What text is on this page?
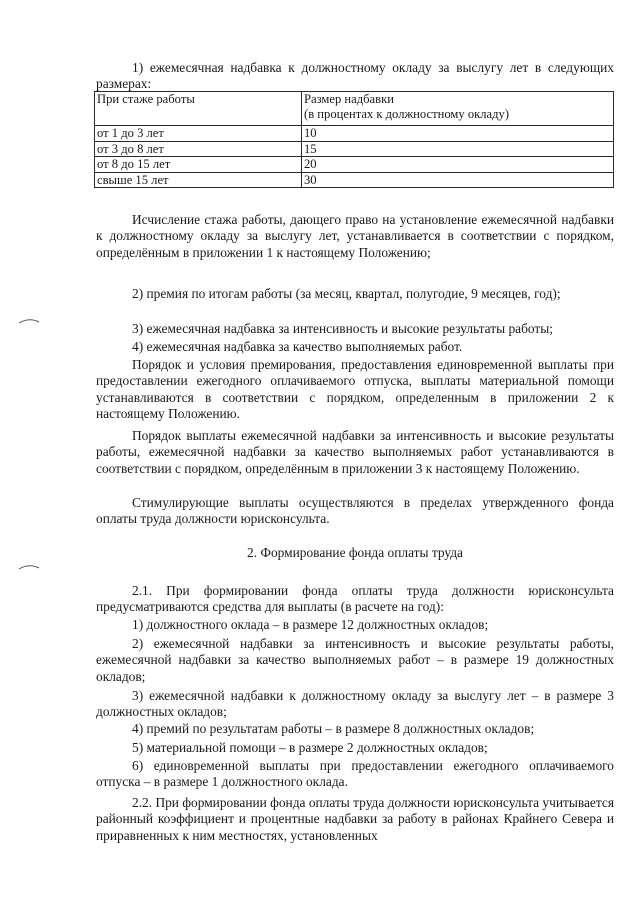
1) ежемесячная надбавка к должностному окладу за выслугу лет в следующих размерах:

При стаже работы	Размер надбавки
(в процентах к должностному окладу)
от 1 до 3 лет	10
от 3 до 8 лет	15
от 8 до 15 лет	20
свыше 15 лет	30

Исчисление стажа работы, дающего право на установление ежемесячной надбавки к должностному окладу за выслугу лет, устанавливается в соответствии с порядком, определённым в приложении 1 к настоящему Положению;

2) премия по итогам работы (за месяц, квартал, полугодие, 9 месяцев, год);

3) ежемесячная надбавка за интенсивность и высокие результаты работы;

4) ежемесячная надбавка за качество выполняемых работ.

Порядок и условия премирования, предоставления единовременной выплаты при предоставлении ежегодного оплачиваемого отпуска, выплаты материальной помощи устанавливаются в соответствии с порядком, определенным в приложении 2 к настоящему Положению.

Порядок выплаты ежемесячной надбавки за интенсивность и высокие результаты работы, ежемесячной надбавки за качество выполняемых работ устанавливаются в соответствии с порядком, определённым в приложении 3 к настоящему Положению.

Стимулирующие выплаты осуществляются в пределах утвержденного фонда оплаты труда должности юрисконсульта.

2. Формирование фонда оплаты труда

2.1. При формировании фонда оплаты труда должности юрисконсульта предусматриваются средства для выплаты (в расчете на год):

1) должностного оклада – в размере 12 должностных окладов;

2) ежемесячной надбавки за интенсивность и высокие результаты работы, ежемесячной надбавки за качество выполняемых работ – в размере 19 должностных окладов;

3) ежемесячной надбавки к должностному окладу за выслугу лет – в размере 3 должностных окладов;

4) премий по результатам работы – в размере 8 должностных окладов;

5) материальной помощи – в размере 2 должностных окладов;

6) единовременной выплаты при предоставлении ежегодного оплачиваемого отпуска – в размере 1 должностного оклада.

2.2. При формировании фонда оплаты труда должности юрисконсульта учитывается районный коэффициент и процентные надбавки за работу в районах Крайнего Севера и приравненных к ним местностях, установленных
